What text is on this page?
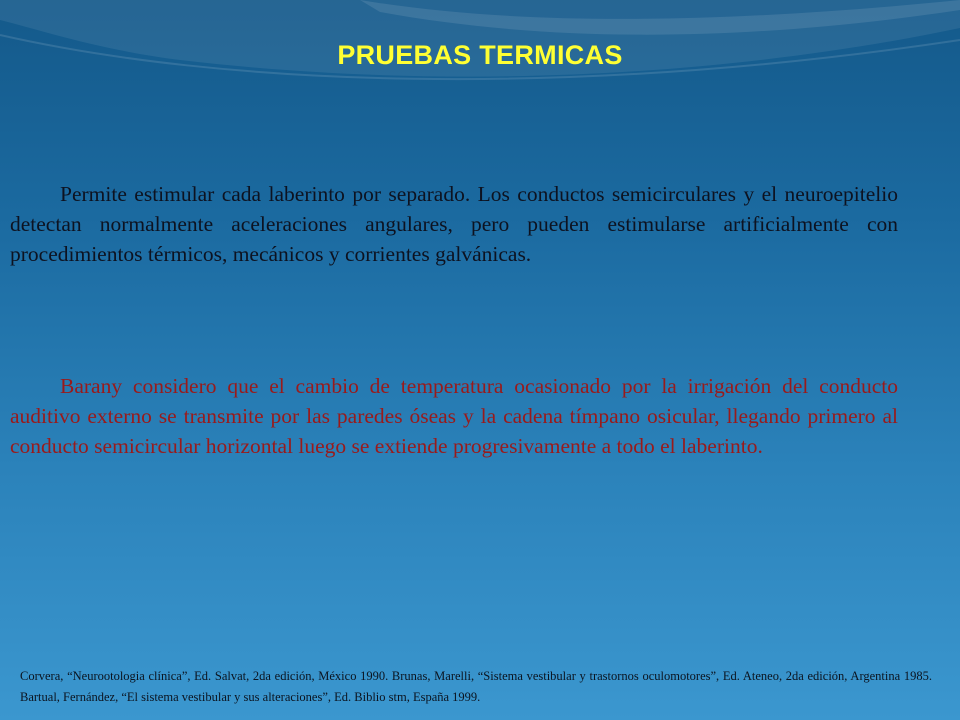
PRUEBAS TERMICAS

Permite estimular cada laberinto por separado. Los conductos semicirculares y el neuroepitelio detectan normalmente aceleraciones angulares, pero pueden estimularse artificialmente con procedimientos térmicos, mecánicos y corrientes galvánicas.

Barany considero que el cambio de temperatura ocasionado por la irrigación del conducto auditivo externo se transmite por las paredes óseas y la cadena tímpano osicular, llegando primero al conducto semicircular horizontal luego se extiende progresivamente a todo el laberinto.

Corvera, “Neurootologia clínica”, Ed. Salvat, 2da edición, México 1990. Brunas, Marelli, “Sistema vestibular y trastornos oculomotores”, Ed. Ateneo, 2da edición, Argentina 1985. Bartual, Fernández, “El sistema vestibular y sus alteraciones”, Ed. Biblio stm, España 1999.
